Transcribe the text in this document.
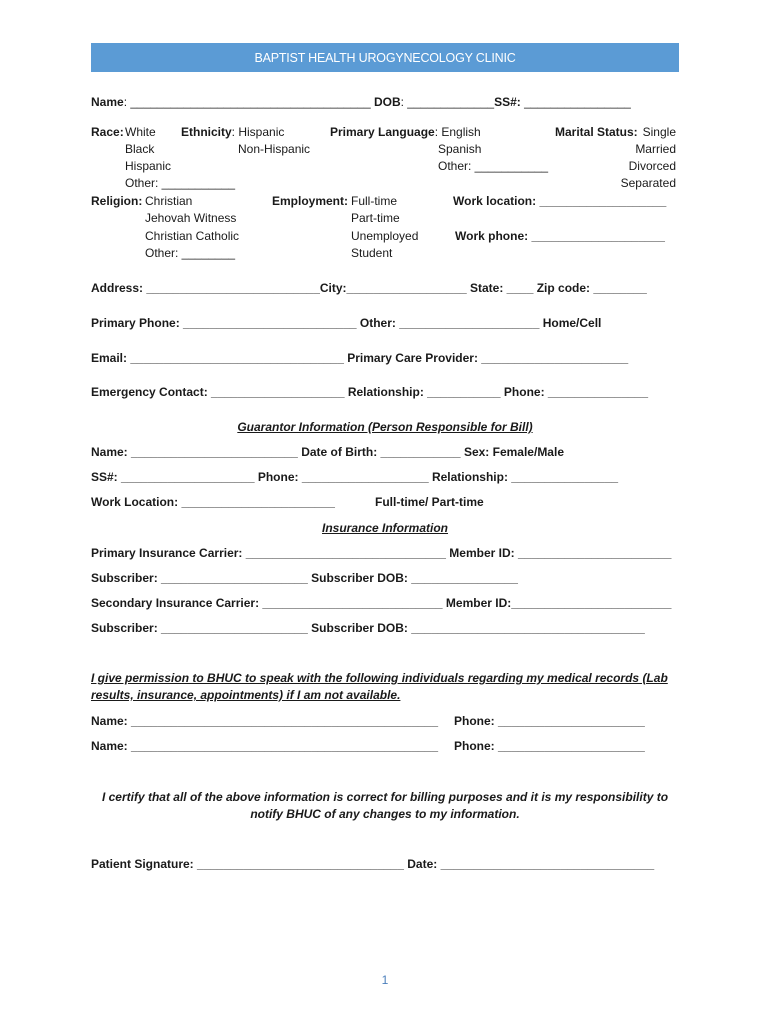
BAPTIST HEALTH UROGYNECOLOGY CLINIC
Name: ____________________________________ DOB: _____________SS#: ________________
Race: White
Black
Hispanic
Other: ___________
Ethnicity: Hispanic
Non-Hispanic
Primary Language: English
Spanish
Other: ___________
Marital Status: Single
Married
Divorced
Separated
Religion: Christian
Jehovah Witness
Christian Catholic
Other: ________
Employment: Full-time
Part-time
Unemployed
Student
Work location: ___________________
Work phone: ____________________
Address: __________________________City:__________________ State: ____ Zip code: ________
Primary Phone: __________________________ Other: _____________________ Home/Cell
Email: ________________________________ Primary Care Provider: ______________________
Emergency Contact: ____________________ Relationship: ___________ Phone: _______________
Guarantor Information (Person Responsible for Bill)
Name: _________________________ Date of Birth: ____________ Sex: Female/Male
SS#: ____________________ Phone: ___________________ Relationship: ________________
Work Location: _______________________	Full-time/ Part-time
Insurance Information
Primary Insurance Carrier: ______________________________ Member ID: _______________________
Subscriber: ______________________ Subscriber DOB: ________________
Secondary Insurance Carrier: ___________________________ Member ID:________________________
Subscriber: ______________________ Subscriber DOB: ___________________________________
I give permission to BHUC to speak with the following individuals regarding my medical records (Lab
results, insurance, appointments) if I am not available.
Name: ______________________________________________ Phone: ______________________
Name: ______________________________________________ Phone: ______________________
I certify that all of the above information is correct for billing purposes and it is my responsibility to
notify BHUC of any changes to my information.
Patient Signature: _______________________________ Date: ________________________________
1
